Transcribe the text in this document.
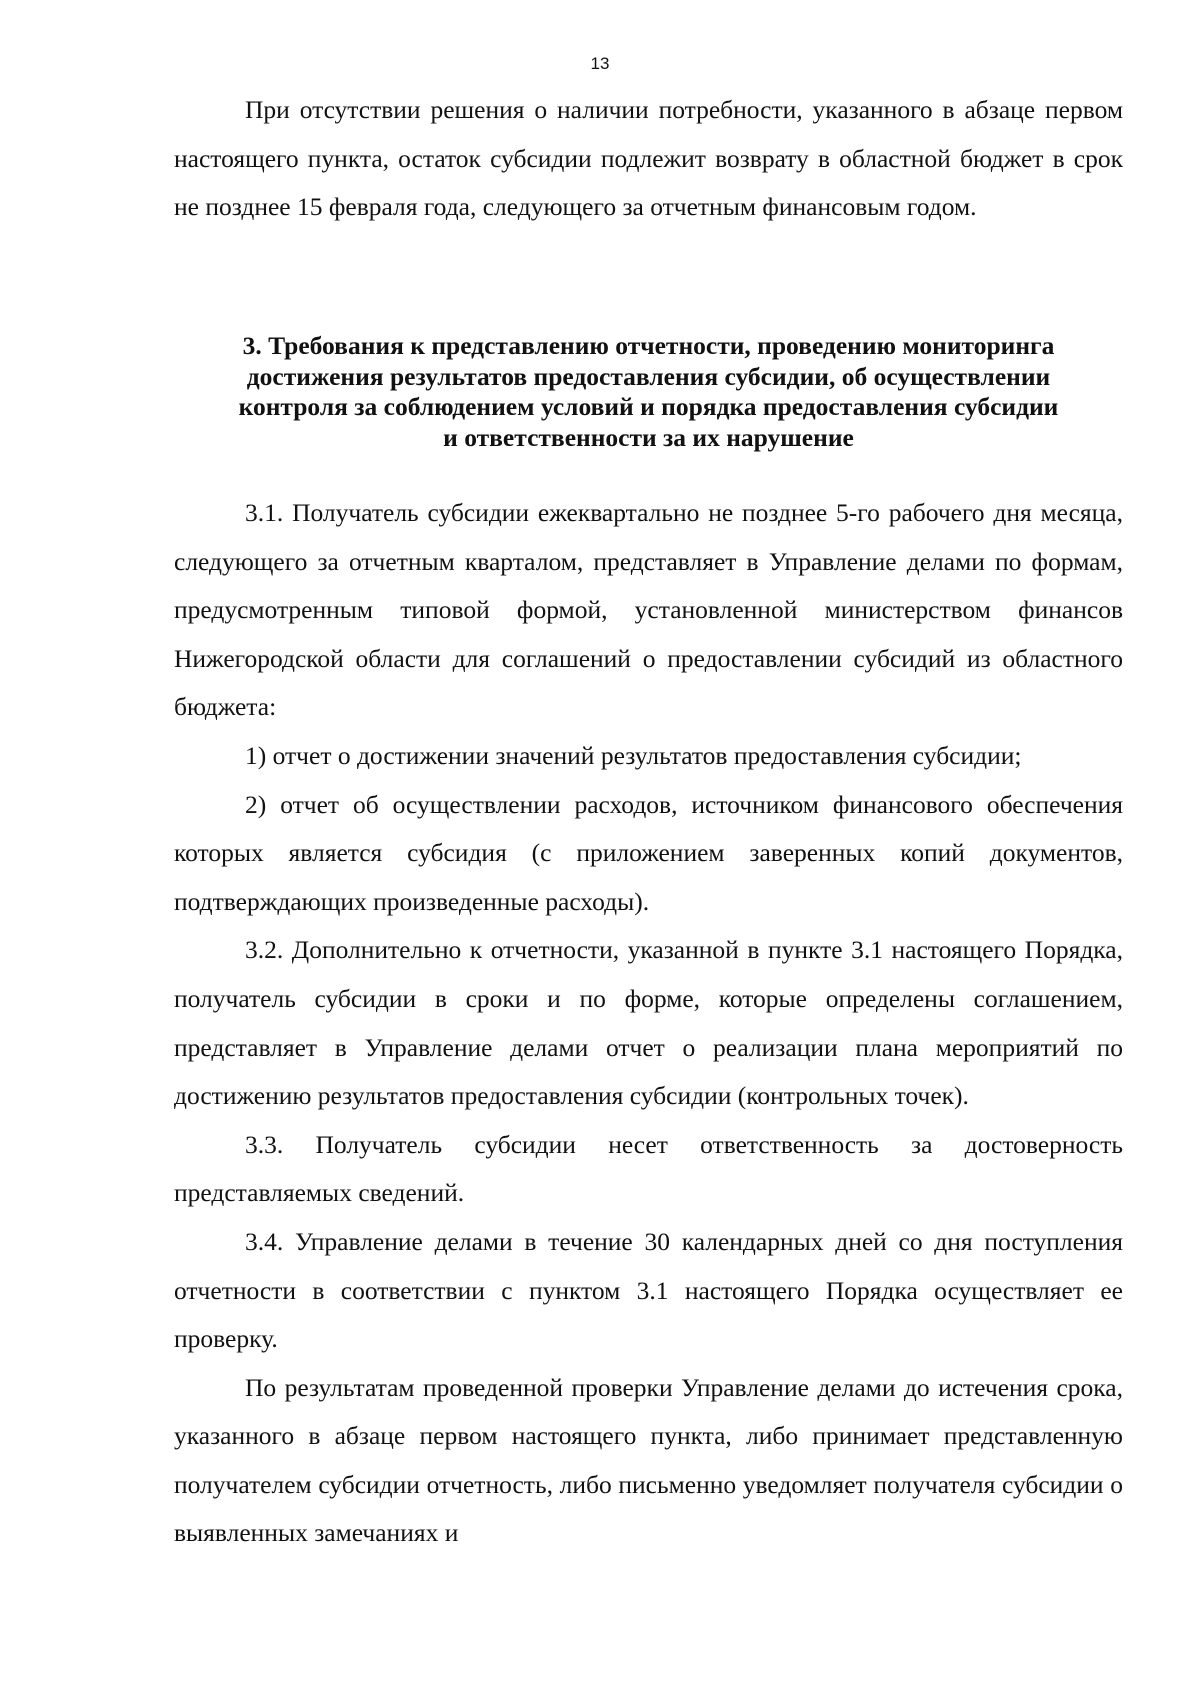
13

При отсутствии решения о наличии потребности, указанного в абзаце первом настоящего пункта, остаток субсидии подлежит возврату в областной бюджет в срок не позднее 15 февраля года, следующего за отчетным финансовым годом.

3. Требования к представлению отчетности, проведению мониторинга
достижения результатов предоставления субсидии, об осуществлении
контроля за соблюдением условий и порядка предоставления субсидии
и ответственности за их нарушение

3.1. Получатель субсидии ежеквартально не позднее 5-го рабочего дня месяца, следующего за отчетным кварталом, представляет в Управление делами по формам, предусмотренным типовой формой, установленной министерством финансов Нижегородской области для соглашений о предоставлении субсидий из областного бюджета:

1) отчет о достижении значений результатов предоставления субсидии;

2) отчет об осуществлении расходов, источником финансового обеспечения которых является субсидия (с приложением заверенных копий документов, подтверждающих произведенные расходы).

3.2. Дополнительно к отчетности, указанной в пункте 3.1 настоящего Порядка, получатель субсидии в сроки и по форме, которые определены соглашением, представляет в Управление делами отчет о реализации плана мероприятий по достижению результатов предоставления субсидии (контрольных точек).

3.3. Получатель субсидии несет ответственность за достоверность представляемых сведений.

3.4. Управление делами в течение 30 календарных дней со дня поступления отчетности в соответствии с пунктом 3.1 настоящего Порядка осуществляет ее проверку.

По результатам проведенной проверки Управление делами до истечения срока, указанного в абзаце первом настоящего пункта, либо принимает представленную получателем субсидии отчетность, либо письменно уведомляет получателя субсидии о выявленных замечаниях и
